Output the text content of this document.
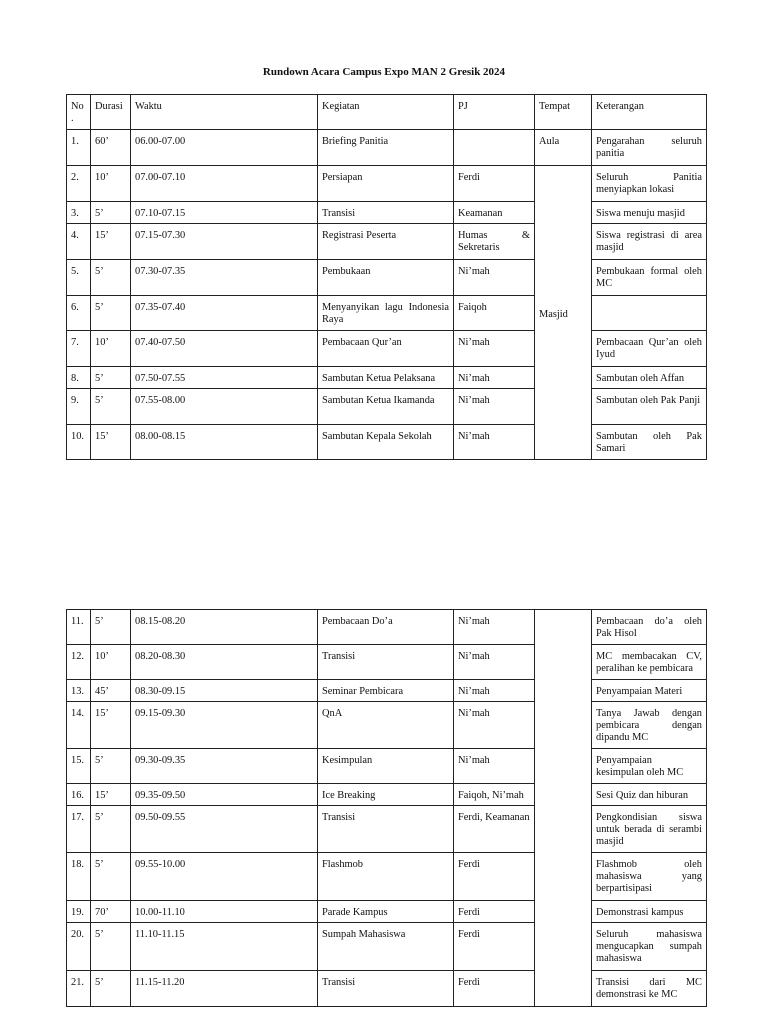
Rundown Acara Campus Expo MAN 2 Gresik 2024
No .	Durasi	Waktu	Kegiatan	PJ	Tempat	Keterangan
1.	60’	06.00-07.00	Briefing Panitia		Aula	Pengarahan seluruh panitia
2.	10’	07.00-07.10	Persiapan	Ferdi	Masjid	Seluruh Panitia menyiapkan lokasi
3.	5’	07.10-07.15	Transisi	Keamanan		Siswa menuju masjid
4.	15’	07.15-07.30	Registrasi Peserta	Humas & Sekretaris		Siswa registrasi di area masjid
5.	5’	07.30-07.35	Pembukaan	Ni’mah		Pembukaan formal oleh MC
6.	5’	07.35-07.40	Menyanyikan lagu Indonesia Raya	Faiqoh		
7.	10’	07.40-07.50	Pembacaan Qur’an	Ni’mah		Pembacaan Qur’an oleh Iyud
8.	5’	07.50-07.55	Sambutan Ketua Pelaksana	Ni’mah		Sambutan oleh Affan
9.	5’	07.55-08.00	Sambutan Ketua Ikamanda	Ni’mah		Sambutan oleh Pak Panji
10.	15’	08.00-08.15	Sambutan Kepala Sekolah	Ni’mah		Sambutan oleh Pak Samari
11.	5’	08.15-08.20	Pembacaan Do’a	Ni’mah		Pembacaan do’a oleh Pak Hisol
12.	10’	08.20-08.30	Transisi	Ni’mah		MC membacakan CV, peralihan ke pembicara
13.	45’	08.30-09.15	Seminar Pembicara	Ni’mah		Penyampaian Materi
14.	15’	09.15-09.30	QnA	Ni’mah		Tanya Jawab dengan pembicara dengan dipandu MC
15.	5’	09.30-09.35	Kesimpulan	Ni’mah		Penyampaian kesimpulan oleh MC
16.	15’	09.35-09.50	Ice Breaking	Faiqoh, Ni’mah		Sesi Quiz dan hiburan
17.	5’	09.50-09.55	Transisi	Ferdi, Keamanan		Pengkondisian siswa untuk berada di serambi masjid
18.	5’	09.55-10.00	Flashmob	Ferdi		Flashmob oleh mahasiswa yang berpartisipasi
19.	70’	10.00-11.10	Parade Kampus	Ferdi		Demonstrasi kampus
20.	5’	11.10-11.15	Sumpah Mahasiswa	Ferdi		Seluruh mahasiswa mengucapkan sumpah mahasiswa
21.	5’	11.15-11.20	Transisi	Ferdi		Transisi dari MC demonstrasi ke MC
